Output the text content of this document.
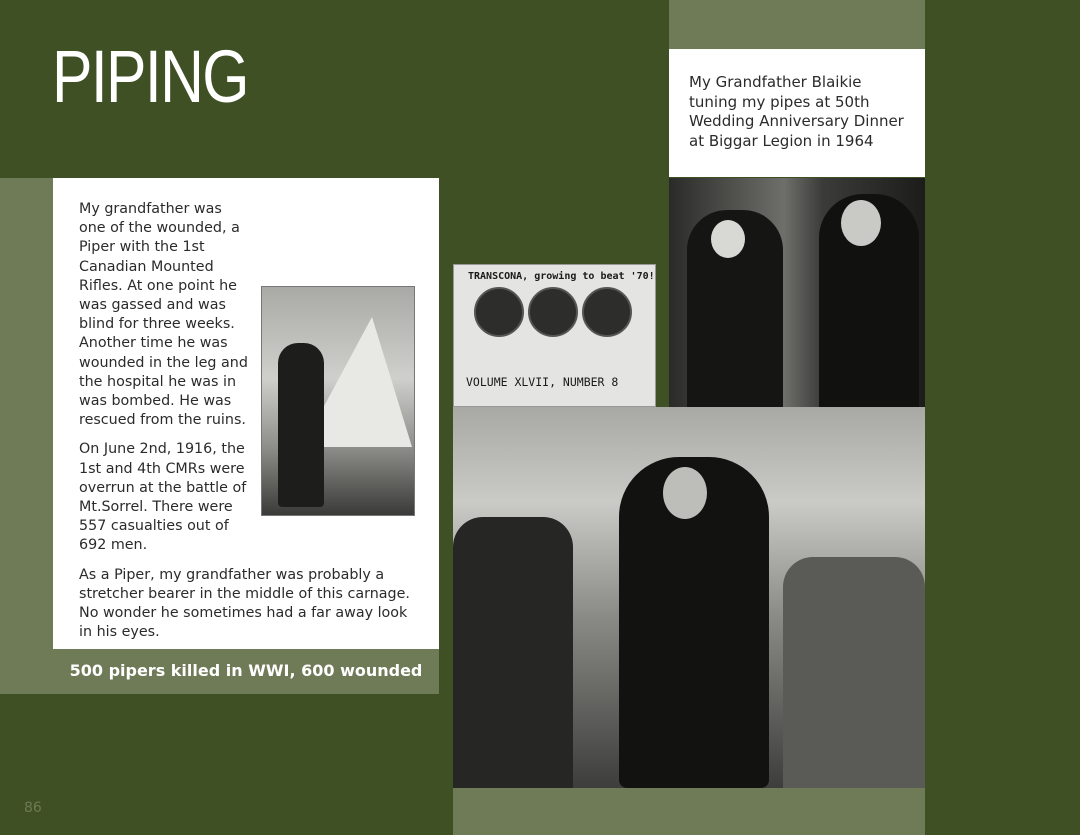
PIPING

My grandfather was one of the wounded, a Piper with the 1st Canadian Mounted Rifles. At one point he was gassed and was blind for three weeks. Another time he was wounded in the leg and the hospital he was in was bombed. He was rescued from the ruins.

On June 2nd, 1916, the 1st and 4th CMRs were overrun at the battle of Mt.Sorrel. There were 557 casualties out of 692 men.

As a Piper, my grandfather was probably a stretcher bearer in the middle of this carnage. No wonder he sometimes had a far away look in his eyes.

500 pipers killed in WWI, 600 wounded
My Grandfather Blaikie tuning my pipes at 50th Wedding Anniversary Dinner at Biggar Legion in 1964
TRANSCONA, growing to beat '70!
VOLUME XLVII, NUMBER 8
86
